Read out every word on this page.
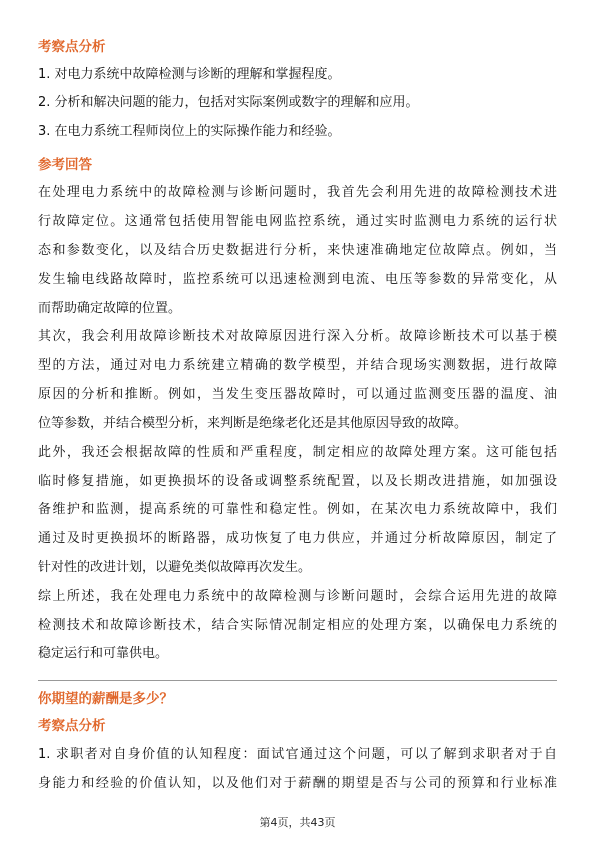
考察点分析
1. 对电力系统中故障检测与诊断的理解和掌握程度。
2. 分析和解决问题的能力，包括对实际案例或数字的理解和应用。
3. 在电力系统工程师岗位上的实际操作能力和经验。
参考回答
在处理电力系统中的故障检测与诊断问题时，我首先会利用先进的故障检测技术进
行故障定位。这通常包括使用智能电网监控系统，通过实时监测电力系统的运行状
态和参数变化，以及结合历史数据进行分析，来快速准确地定位故障点。例如，当
发生输电线路故障时，监控系统可以迅速检测到电流、电压等参数的异常变化，从
而帮助确定故障的位置。
其次，我会利用故障诊断技术对故障原因进行深入分析。故障诊断技术可以基于模
型的方法，通过对电力系统建立精确的数学模型，并结合现场实测数据，进行故障
原因的分析和推断。例如，当发生变压器故障时，可以通过监测变压器的温度、油
位等参数，并结合模型分析，来判断是绝缘老化还是其他原因导致的故障。
此外，我还会根据故障的性质和严重程度，制定相应的故障处理方案。这可能包括
临时修复措施，如更换损坏的设备或调整系统配置，以及长期改进措施，如加强设
备维护和监测，提高系统的可靠性和稳定性。例如，在某次电力系统故障中，我们
通过及时更换损坏的断路器，成功恢复了电力供应，并通过分析故障原因，制定了
针对性的改进计划，以避免类似故障再次发生。
综上所述，我在处理电力系统中的故障检测与诊断问题时，会综合运用先进的故障
检测技术和故障诊断技术，结合实际情况制定相应的处理方案，以确保电力系统的
稳定运行和可靠供电。
你期望的薪酬是多少？
考察点分析
1. 求职者对自身价值的认知程度：面试官通过这个问题，可以了解到求职者对于自
身能力和经验的价值认知，以及他们对于薪酬的期望是否与公司的预算和行业标准
第4页，共43页
